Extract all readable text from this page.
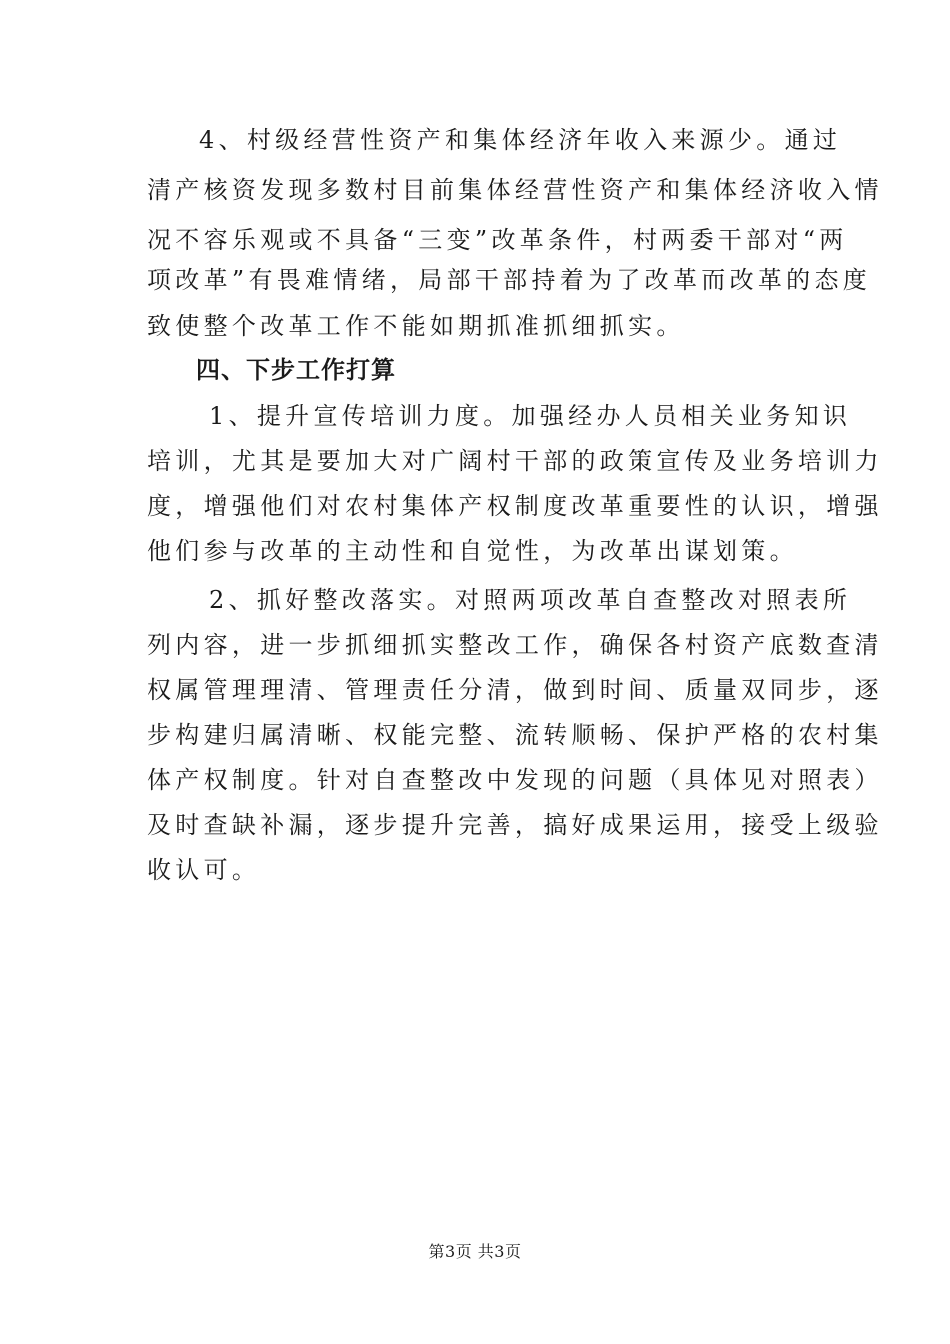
4、村级经营性资产和集体经济年收入来源少。通过
清产核资发现多数村目前集体经营性资产和集体经济收入情
况不容乐观或不具备“三变”改革条件，村两委干部对“两
项改革”有畏难情绪，局部干部持着为了改革而改革的态度
致使整个改革工作不能如期抓准抓细抓实。
四、下步工作打算
1、提升宣传培训力度。加强经办人员相关业务知识
培训，尤其是要加大对广阔村干部的政策宣传及业务培训力
度，增强他们对农村集体产权制度改革重要性的认识，增强
他们参与改革的主动性和自觉性，为改革出谋划策。
2、抓好整改落实。对照两项改革自查整改对照表所
列内容，进一步抓细抓实整改工作，确保各村资产底数查清
权属管理理清、管理责任分清，做到时间、质量双同步，逐
步构建归属清晰、权能完整、流转顺畅、保护严格的农村集
体产权制度。针对自查整改中发现的问题（具体见对照表）
及时查缺补漏，逐步提升完善，搞好成果运用，接受上级验
收认可。
第3页 共3页
